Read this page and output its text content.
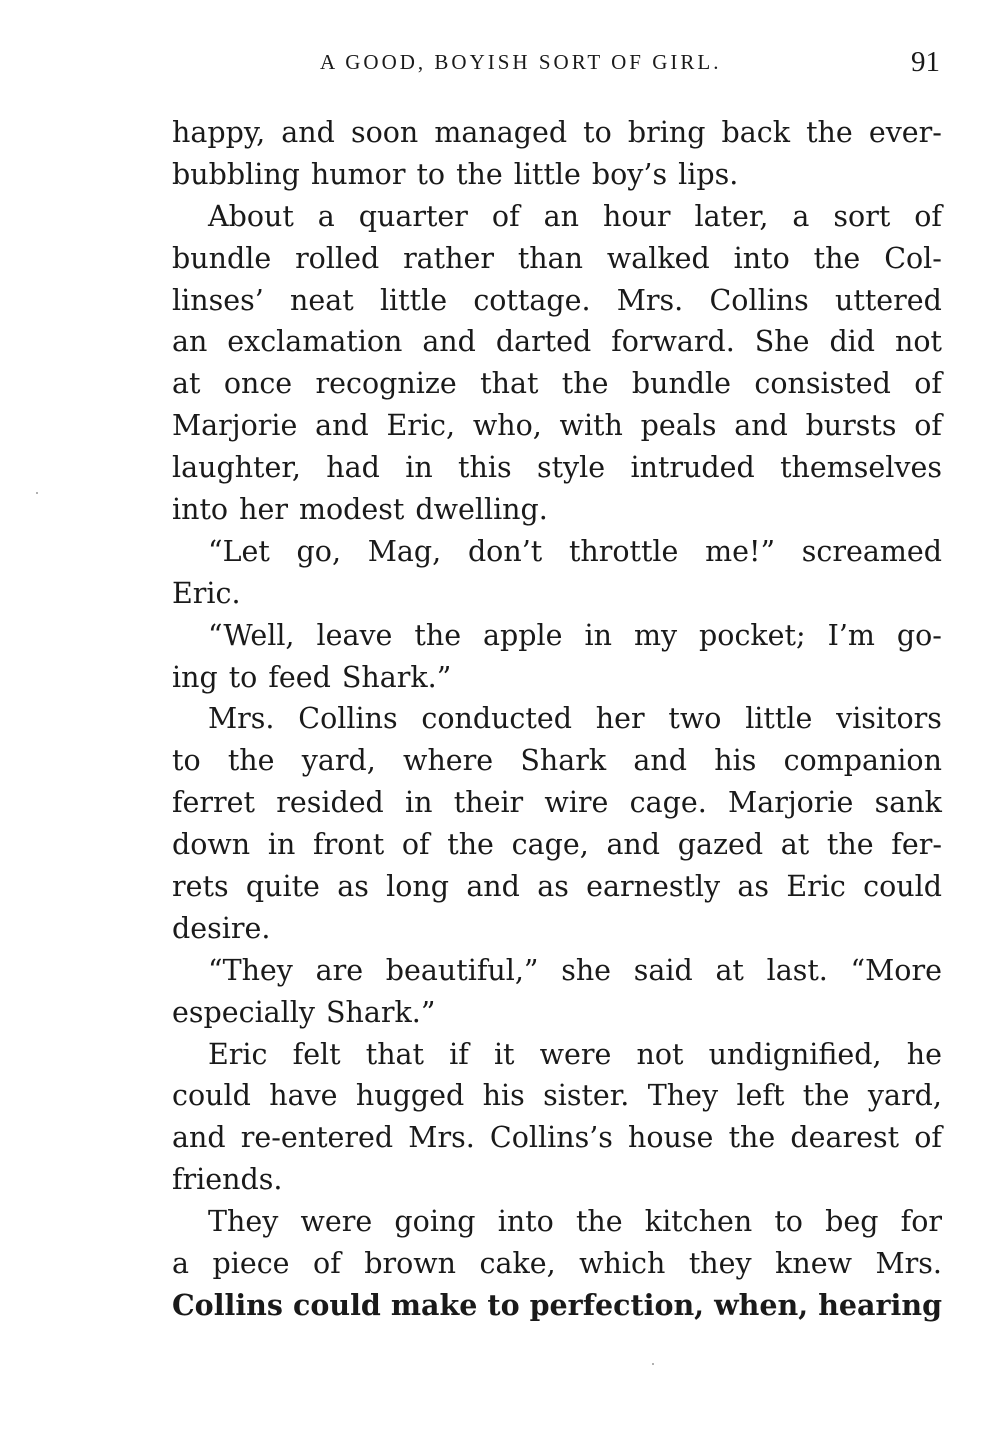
A GOOD, BOYISH SORT OF GIRL.	91
happy, and soon managed to bring back the ever-
bubbling humor to the little boy’s lips.
About a quarter of an hour later, a sort of
bundle rolled rather than walked into the Col-
linses’ neat little cottage. Mrs. Collins uttered
an exclamation and darted forward. She did not
at once recognize that the bundle consisted of
Marjorie and Eric, who, with peals and bursts of
laughter, had in this style intruded themselves
into her modest dwelling.
“Let go, Mag, don’t throttle me!” screamed
Eric.
“Well, leave the apple in my pocket; I’m go-
ing to feed Shark.”
Mrs. Collins conducted her two little visitors
to the yard, where Shark and his companion
ferret resided in their wire cage. Marjorie sank
down in front of the cage, and gazed at the fer-
rets quite as long and as earnestly as Eric could
desire.
“They are beautiful,” she said at last. “More
especially Shark.”
Eric felt that if it were not undignified, he
could have hugged his sister. They left the yard,
and re-entered Mrs. Collins’s house the dearest of
friends.
They were going into the kitchen to beg for
a piece of brown cake, which they knew Mrs.
Collins could make to perfection, when, hearing
